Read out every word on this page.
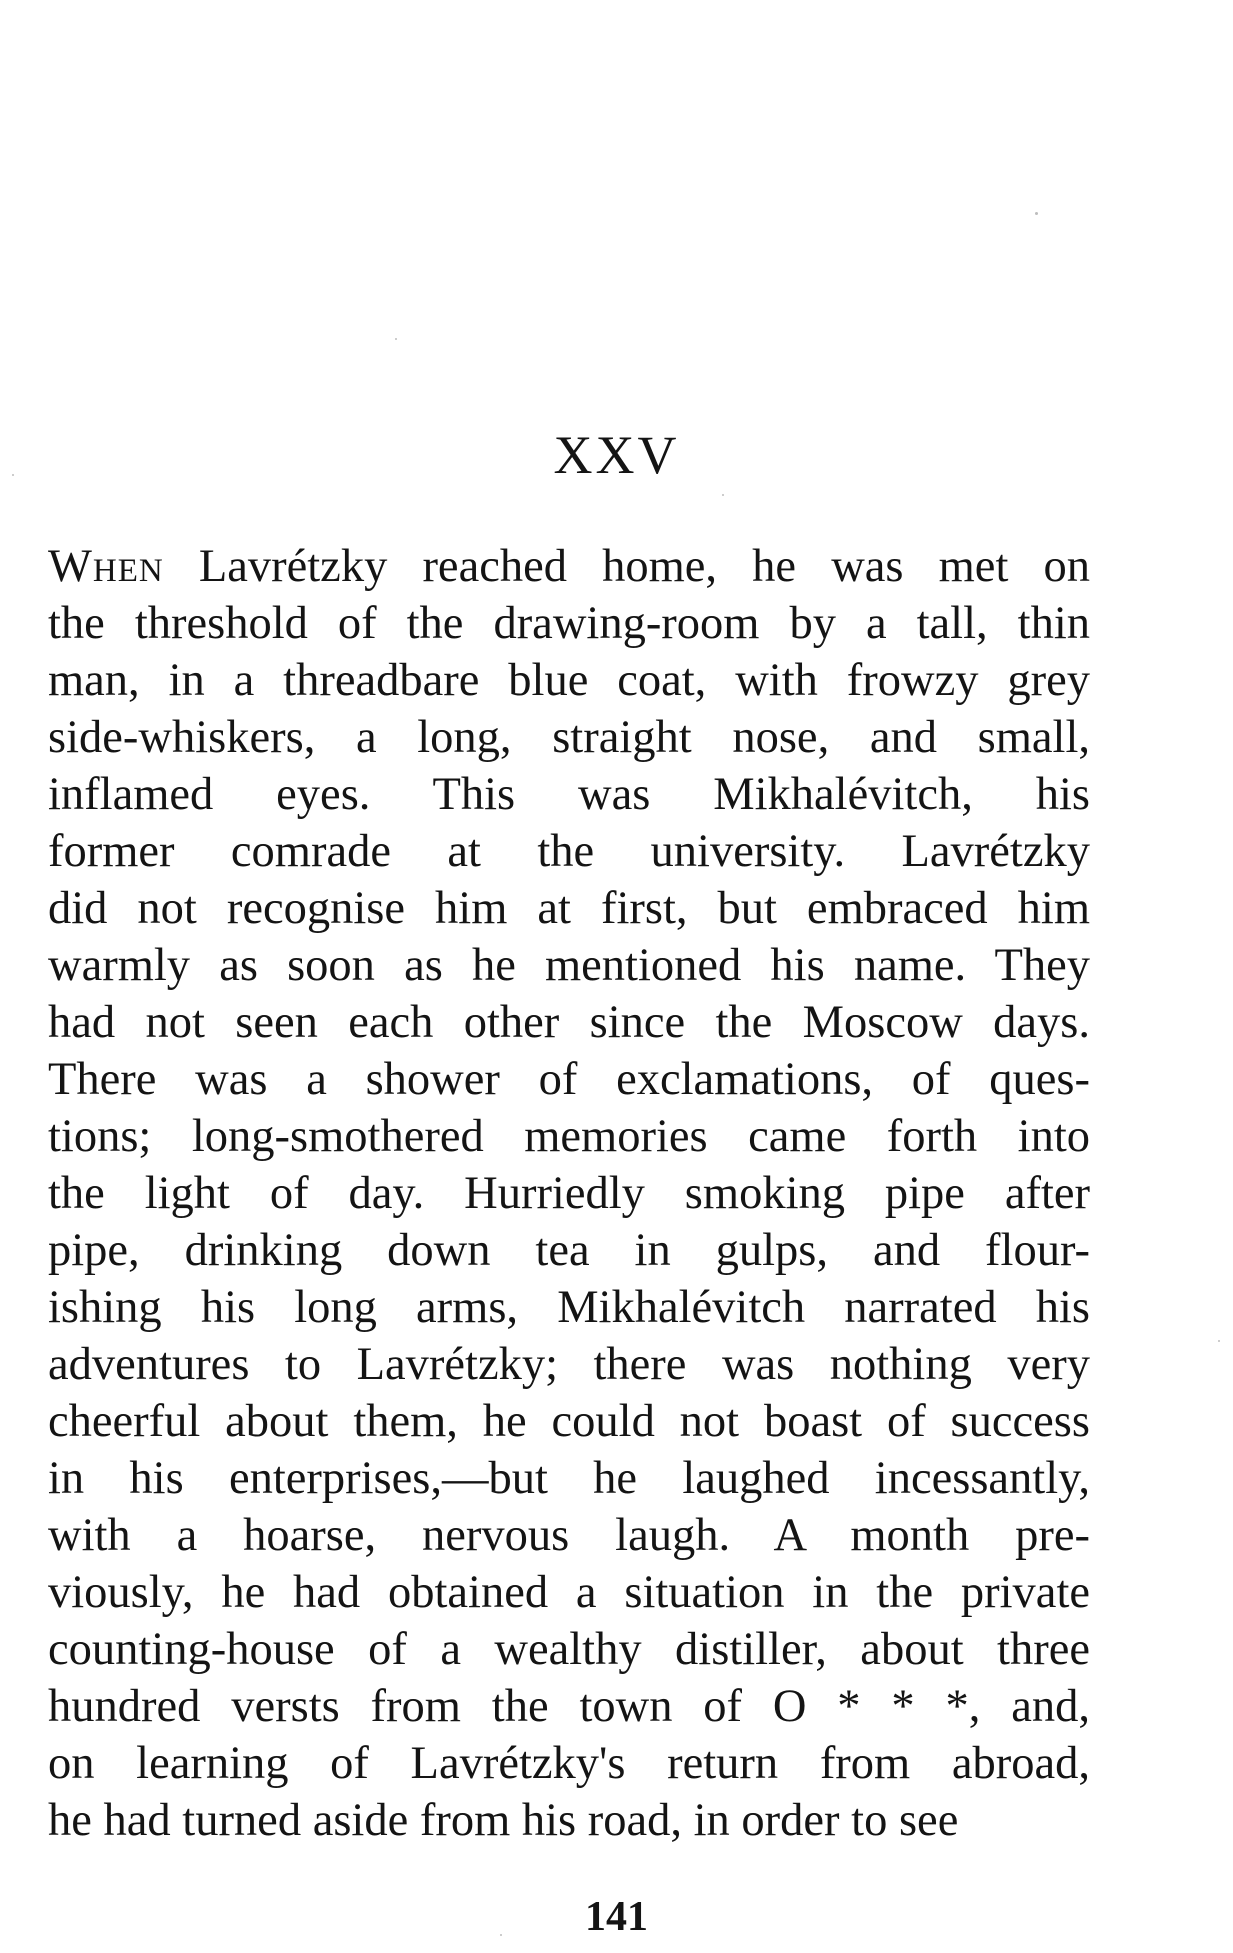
XXV
When Lavrétzky reached home, he was met on
the threshold of the drawing-room by a tall, thin
man, in a threadbare blue coat, with frowzy grey
side-whiskers, a long, straight nose, and small,
inflamed eyes. This was Mikhalévitch, his
former comrade at the university. Lavrétzky
did not recognise him at first, but embraced him
warmly as soon as he mentioned his name. They
had not seen each other since the Moscow days.
There was a shower of exclamations, of ques-
tions; long-smothered memories came forth into
the light of day. Hurriedly smoking pipe after
pipe, drinking down tea in gulps, and flour-
ishing his long arms, Mikhalévitch narrated his
adventures to Lavrétzky; there was nothing very
cheerful about them, he could not boast of success
in his enterprises,—but he laughed incessantly,
with a hoarse, nervous laugh. A month pre-
viously, he had obtained a situation in the private
counting-house of a wealthy distiller, about three
hundred versts from the town of O * * *, and,
on learning of Lavrétzky's return from abroad,
he had turned aside from his road, in order to see
141
